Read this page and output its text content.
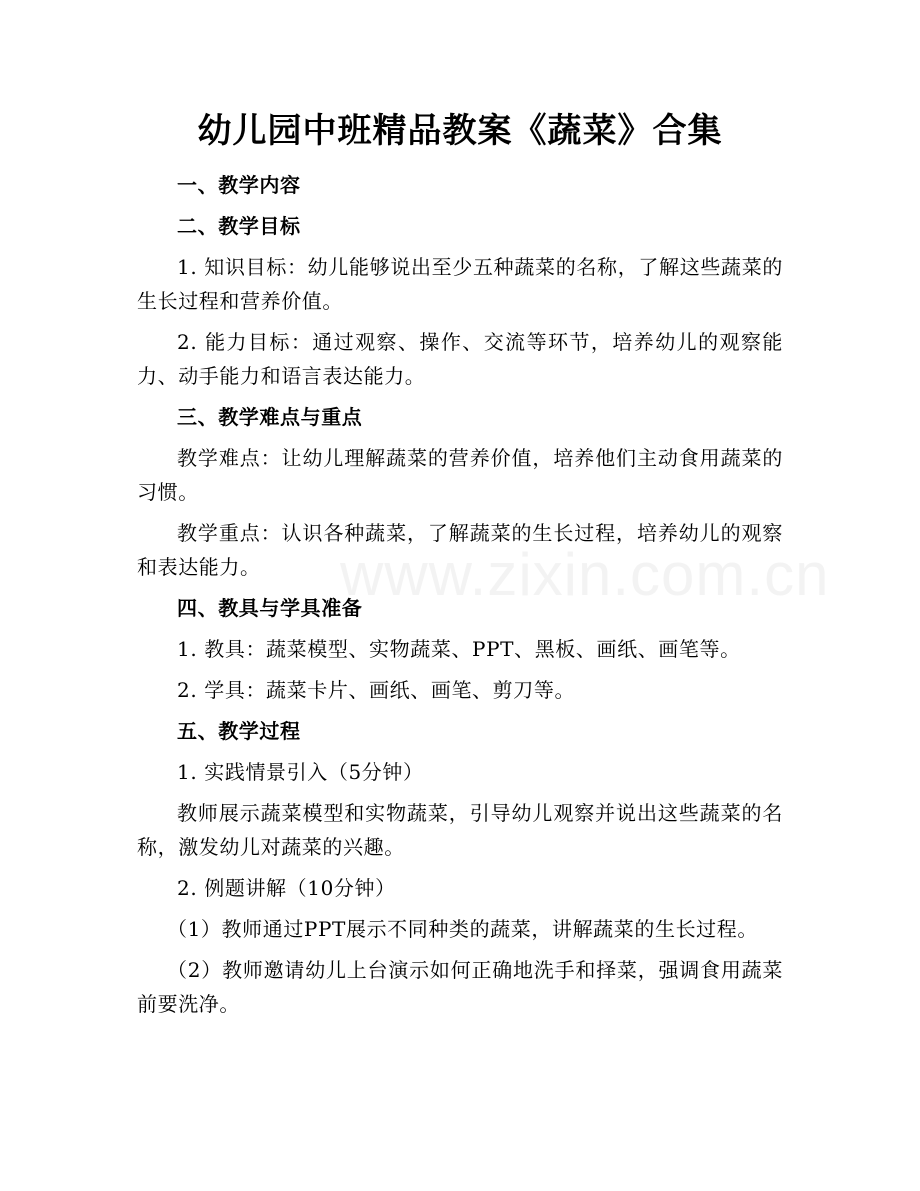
www.zixin.com.cn
幼儿园中班精品教案《蔬菜》合集

一、教学内容

二、教学目标

1. 知识目标：幼儿能够说出至少五种蔬菜的名称，了解这些蔬菜的生长过程和营养价值。

2. 能力目标：通过观察、操作、交流等环节，培养幼儿的观察能力、动手能力和语言表达能力。

三、教学难点与重点

教学难点：让幼儿理解蔬菜的营养价值，培养他们主动食用蔬菜的习惯。

教学重点：认识各种蔬菜，了解蔬菜的生长过程，培养幼儿的观察和表达能力。

四、教具与学具准备

1. 教具：蔬菜模型、实物蔬菜、PPT、黑板、画纸、画笔等。

2. 学具：蔬菜卡片、画纸、画笔、剪刀等。

五、教学过程

1. 实践情景引入（5分钟）

教师展示蔬菜模型和实物蔬菜，引导幼儿观察并说出这些蔬菜的名称，激发幼儿对蔬菜的兴趣。

2. 例题讲解（10分钟）

（1）教师通过PPT展示不同种类的蔬菜，讲解蔬菜的生长过程。

（2）教师邀请幼儿上台演示如何正确地洗手和择菜，强调食用蔬菜前要洗净。
